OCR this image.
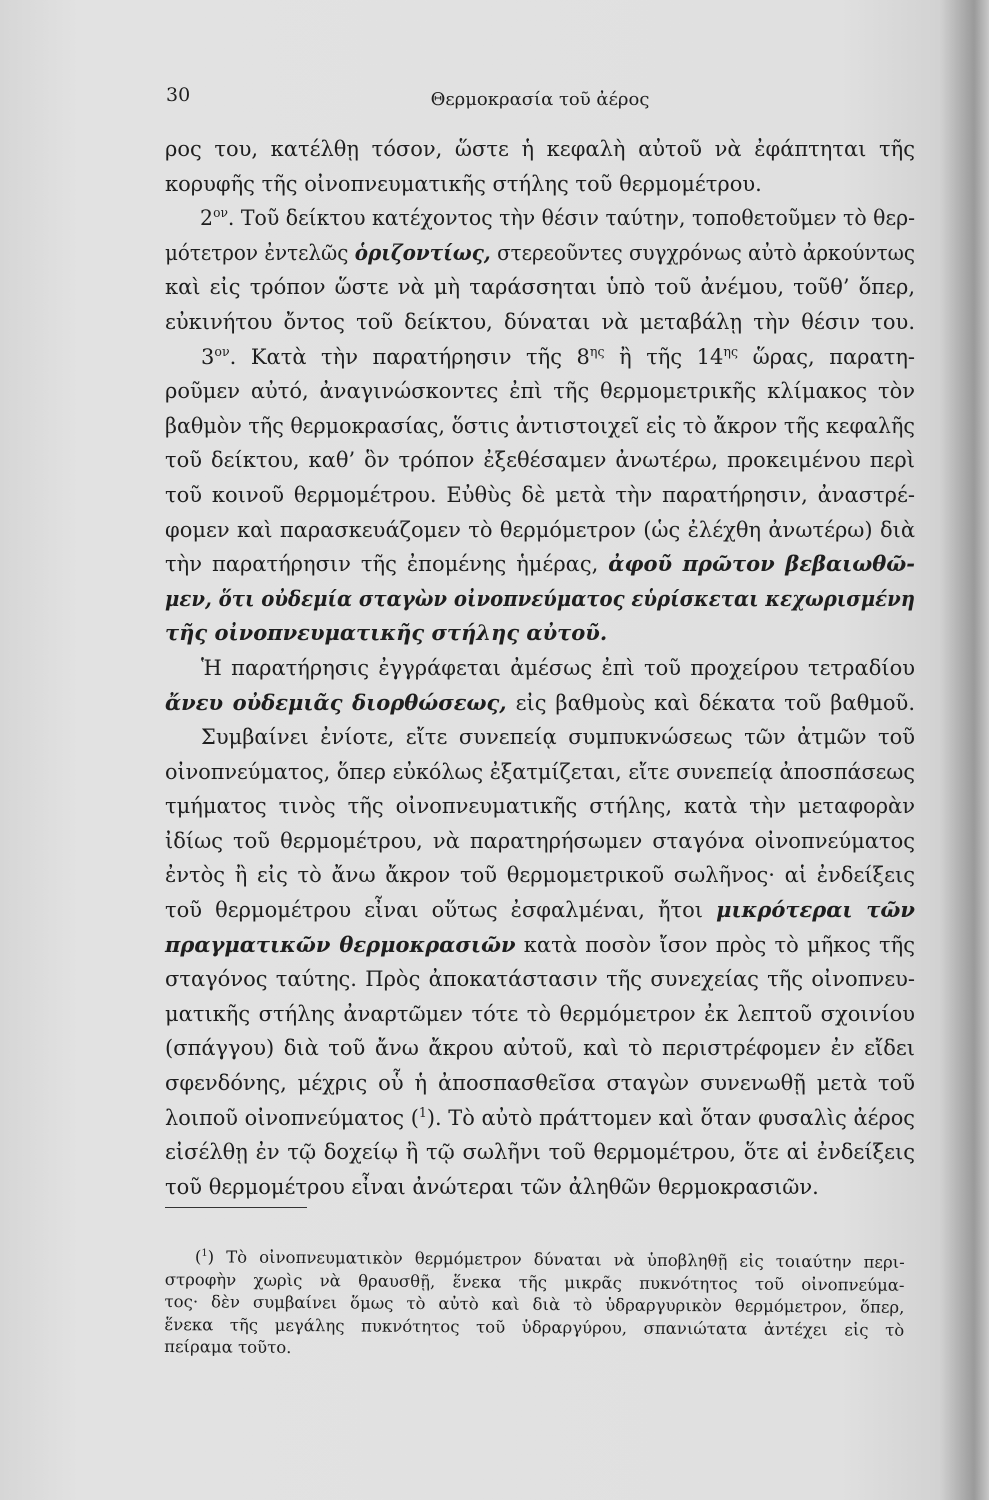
30	Θερμοκρασία τοῦ ἀέρος
ρος του, κατέλθῃ τόσον, ὥστε ἡ κεφαλὴ αὐτοῦ νὰ ἐφάπτηται τῆς
κορυφῆς τῆς οἰνοπνευματικῆς στήλης τοῦ θερμομέτρου.
$2^{o\nu}$. Τοῦ δείκτου κατέχοντος τὴν θέσιν ταύτην, τοποθετοῦμεν τὸ θερ-
μότετρον ἐντελῶς ὁριζοντίως, στερεοῦντες συγχρόνως αὐτὸ ἀρκούντως
καὶ εἰς τρόπον ὥστε νὰ μὴ ταράσσηται ὑπὸ τοῦ ἀνέμου, τοῦθ’ ὅπερ,
εὐκινήτου ὄντος τοῦ δείκτου, δύναται νὰ μεταβάλῃ τὴν θέσιν του.
$3^{o\nu}$. Κατὰ τὴν παρατήρησιν τῆς $8^{\eta\varsigma}$ ἢ τῆς $14^{\eta\varsigma}$ ὥρας, παρατη-
ροῦμεν αὐτό, ἀναγινώσκοντες ἐπὶ τῆς θερμομετρικῆς κλίμακος τὸν
βαθμὸν τῆς θερμοκρασίας, ὅστις ἀντιστοιχεῖ εἰς τὸ ἄκρον τῆς κεφαλῆς
τοῦ δείκτου, καθ’ ὃν τρόπον ἐξεθέσαμεν ἀνωτέρω, προκειμένου περὶ
τοῦ κοινοῦ θερμομέτρου. Εὐθὺς δὲ μετὰ τὴν παρατήρησιν, ἀναστρέ-
φομεν καὶ παρασκευάζομεν τὸ θερμόμετρον (ὡς ἐλέχθη ἀνωτέρω) διὰ
τὴν παρατήρησιν τῆς ἐπομένης ἡμέρας, ἀφοῦ πρῶτον βεβαιωθῶ-
μεν, ὅτι οὐδεμία σταγὼν οἰνοπνεύματος εὑρίσκεται κεχωρισμένη
τῆς οἰνοπνευματικῆς στήλης αὐτοῦ.
Ἡ παρατήρησις ἐγγράφεται ἀμέσως ἐπὶ τοῦ προχείρου τετραδίου
ἄνευ οὐδεμιᾶς διορθώσεως, εἰς βαθμοὺς καὶ δέκατα τοῦ βαθμοῦ.
Συμβαίνει ἐνίοτε, εἴτε συνεπείᾳ συμπυκνώσεως τῶν ἀτμῶν τοῦ
οἰνοπνεύματος, ὅπερ εὐκόλως ἐξατμίζεται, εἴτε συνεπείᾳ ἀποσπάσεως
τμήματος τινὸς τῆς οἰνοπνευματικῆς στήλης, κατὰ τὴν μεταφορὰν
ἰδίως τοῦ θερμομέτρου, νὰ παρατηρήσωμεν σταγόνα οἰνοπνεύματος
ἐντὸς ἢ εἰς τὸ ἄνω ἄκρον τοῦ θερμομετρικοῦ σωλῆνος· αἱ ἐνδείξεις
τοῦ θερμομέτρου εἶναι οὕτως ἐσφαλμέναι, ἤτοι μικρότεραι τῶν
πραγματικῶν θερμοκρασιῶν κατὰ ποσὸν ἴσον πρὸς τὸ μῆκος τῆς
σταγόνος ταύτης. Πρὸς ἀποκατάστασιν τῆς συνεχείας τῆς οἰνοπνευ-
ματικῆς στήλης ἀναρτῶμεν τότε τὸ θερμόμετρον ἐκ λεπτοῦ σχοινίου
(σπάγγου) διὰ τοῦ ἄνω ἄκρου αὐτοῦ, καὶ τὸ περιστρέφομεν ἐν εἴδει
σφενδόνης, μέχρις οὗ ἡ ἀποσπασθεῖσα σταγὼν συνενωθῇ μετὰ τοῦ
λοιποῦ οἰνοπνεύματος ($^1$). Τὸ αὐτὸ πράττομεν καὶ ὅταν φυσαλὶς ἀέρος
εἰσέλθῃ ἐν τῷ δοχείῳ ἢ τῷ σωλῆνι τοῦ θερμομέτρου, ὅτε αἱ ἐνδείξεις
τοῦ θερμομέτρου εἶναι ἀνώτεραι τῶν ἀληθῶν θερμοκρασιῶν.
($^1$) Τὸ οἰνοπνευματικὸν θερμόμετρον δύναται νὰ ὑποβληθῇ εἰς τοιαύτην περι-
στροφὴν χωρὶς νὰ θραυσθῇ, ἕνεκα τῆς μικρᾶς πυκνότητος τοῦ οἰνοπνεύμα-
τος· δὲν συμβαίνει ὅμως τὸ αὐτὸ καὶ διὰ τὸ ὑδραργυρικὸν θερμόμετρον, ὅπερ,
ἕνεκα τῆς μεγάλης πυκνότητος τοῦ ὑδραργύρου, σπανιώτατα ἀντέχει εἰς τὸ
πείραμα τοῦτο.
